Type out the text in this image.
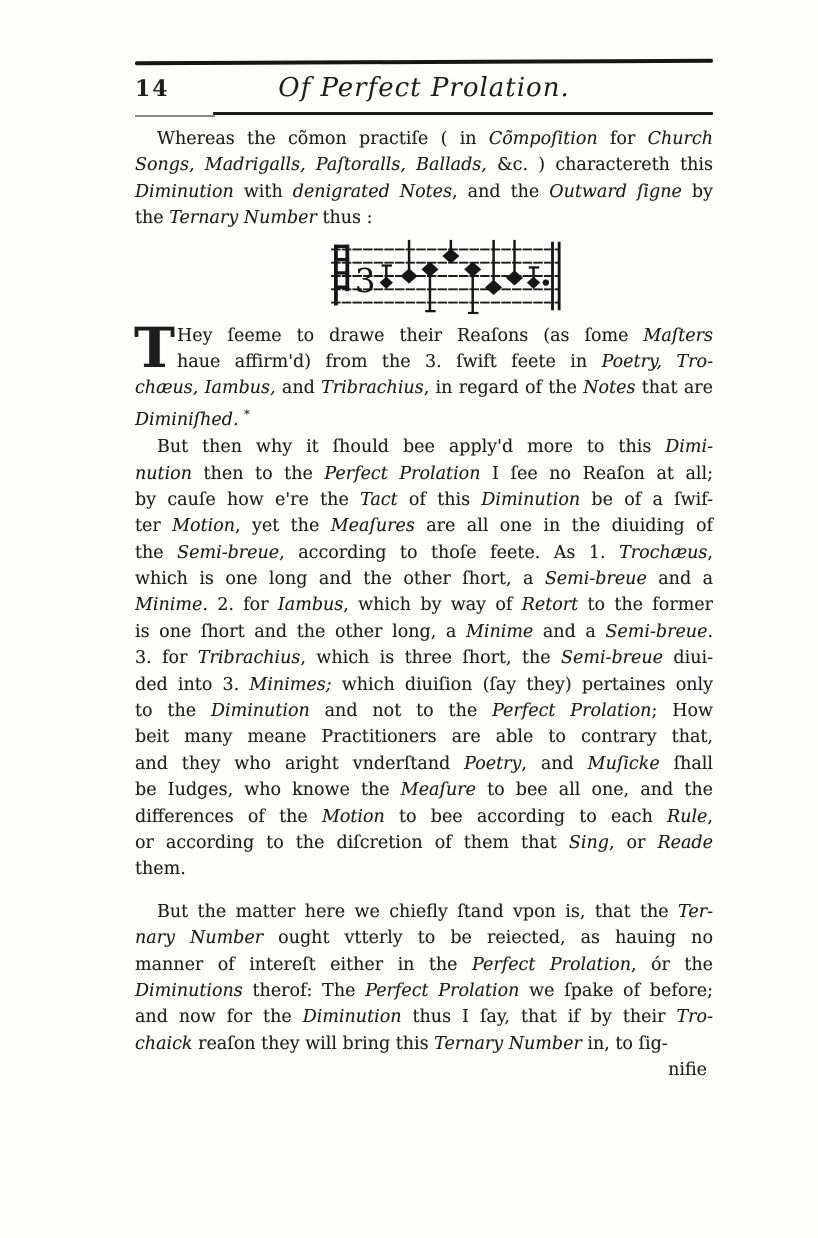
14	Of Perfect Prolation.
Whereas the cõmon practiſe ( in Cõmpoſition for Church
Songs, Madrigalls, Paſtoralls, Ballads, &c. ) charactereth this
Diminution with denigrated Notes, and the Outward ſigne by
the Ternary Number thus :
3
T Hey ſeeme to drawe their Reaſons (as ſome Maſters
haue affirm'd) from the 3. ſwift feete in Poetry, Tro-
chæus, Iambus, and Tribrachius, in regard of the Notes that are
Diminiſhed. *
But then why it ſhould bee apply'd more to this Dimi-
nution then to the Perfect Prolation I ſee no Reaſon at all;
by cauſe how e're the Tact of this Diminution be of a ſwif-
ter Motion, yet the Meaſures are all one in the diuiding of
the Semi-breue, according to thoſe feete. As 1. Trochæus,
which is one long and the other ſhort, a Semi-breue and a
Minime. 2. for Iambus, which by way of Retort to the former
is one ſhort and the other long, a Minime and a Semi-breue.
3. for Tribrachius, which is three ſhort, the Semi-breue diui-
ded into 3. Minimes; which diuiſion (ſay they) pertaines only
to the Diminution and not to the Perfect Prolation; How
beit many meane Practitioners are able to contrary that,
and they who aright vnderſtand Poetry, and Muſicke ſhall
be Iudges, who knowe the Meaſure to bee all one, and the
differences of the Motion to bee according to each Rule,
or according to the diſcretion of them that Sing, or Reade
them.
But the matter here we chiefly ſtand vpon is, that the Ter-
nary Number ought vtterly to be reiected, as hauing no
manner of intereſt either in the Perfect Prolation, ór the
Diminutions therof: The Perfect Prolation we ſpake of before;
and now for the Diminution thus I ſay, that if by their Tro-
chaick reaſon they will bring this Ternary Number in, to ſig-
nifie
